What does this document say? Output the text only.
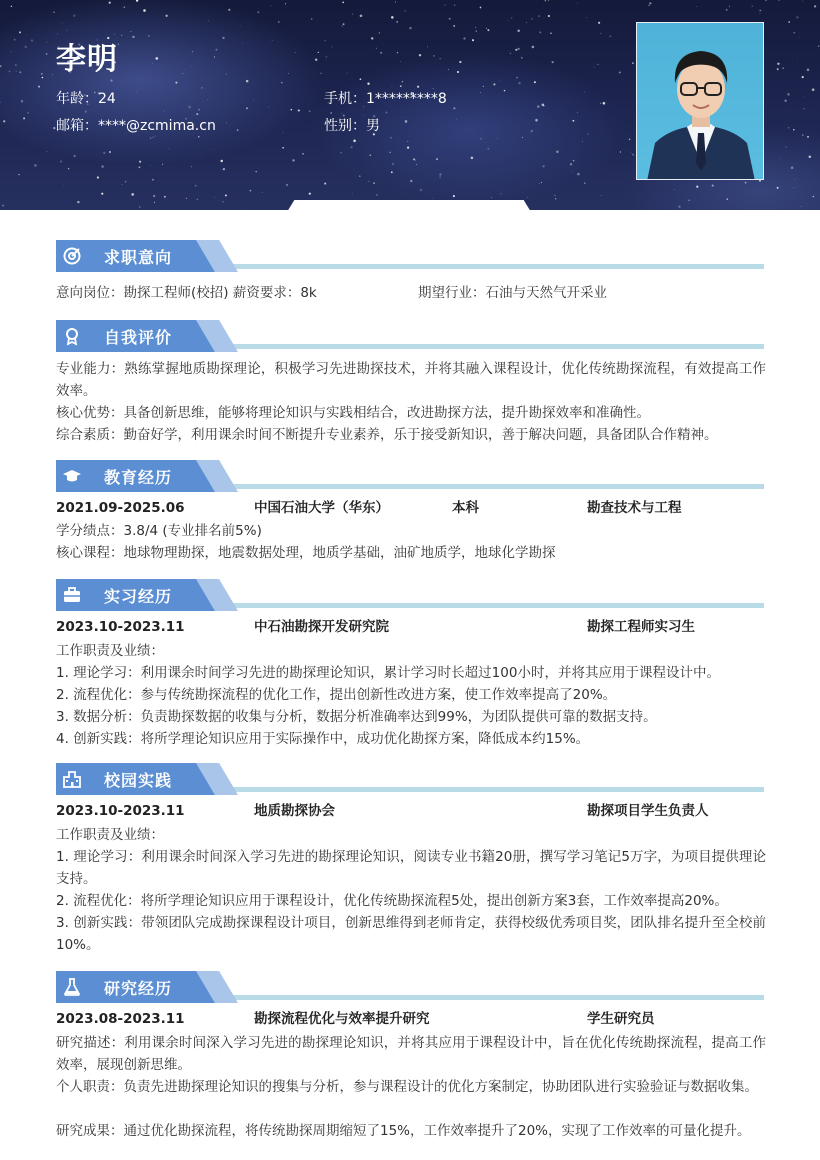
李明
年龄：24	手机：1*********8
邮箱：****@zcmima.cn	性别：男
求职意向
意向岗位：勘探工程师(校招) 薪资要求：8k	期望行业：石油与天然气开采业
自我评价
专业能力：熟练掌握地质勘探理论，积极学习先进勘探技术，并将其融入课程设计，优化传统勘探流程，有效提高工作效率。
核心优势：具备创新思维，能够将理论知识与实践相结合，改进勘探方法，提升勘探效率和准确性。
综合素质：勤奋好学，利用课余时间不断提升专业素养，乐于接受新知识，善于解决问题，具备团队合作精神。
教育经历
2021.09-2025.06	中国石油大学（华东）	本科	勘查技术与工程
学分绩点：3.8/4 (专业排名前5%)
核心课程：地球物理勘探，地震数据处理，地质学基础，油矿地质学，地球化学勘探
实习经历
2023.10-2023.11	中石油勘探开发研究院	勘探工程师实习生
工作职责及业绩：
1. 理论学习：利用课余时间学习先进的勘探理论知识，累计学习时长超过100小时，并将其应用于课程设计中。
2. 流程优化：参与传统勘探流程的优化工作，提出创新性改进方案，使工作效率提高了20%。
3. 数据分析：负责勘探数据的收集与分析，数据分析准确率达到99%，为团队提供可靠的数据支持。
4. 创新实践：将所学理论知识应用于实际操作中，成功优化勘探方案，降低成本约15%。
校园实践
2023.10-2023.11	地质勘探协会	勘探项目学生负责人
工作职责及业绩：
1. 理论学习：利用课余时间深入学习先进的勘探理论知识，阅读专业书籍20册，撰写学习笔记5万字，为项目提供理论支持。
2. 流程优化：将所学理论知识应用于课程设计，优化传统勘探流程5处，提出创新方案3套，工作效率提高20%。
3. 创新实践：带领团队完成勘探课程设计项目，创新思维得到老师肯定，获得校级优秀项目奖，团队排名提升至全校前10%。
研究经历
2023.08-2023.11	勘探流程优化与效率提升研究	学生研究员
研究描述：利用课余时间深入学习先进的勘探理论知识，并将其应用于课程设计中，旨在优化传统勘探流程，提高工作效率，展现创新思维。
个人职责：负责先进勘探理论知识的搜集与分析，参与课程设计的优化方案制定，协助团队进行实验验证与数据收集。
研究成果：通过优化勘探流程，将传统勘探周期缩短了15%，工作效率提升了20%，实现了工作效率的可量化提升。
